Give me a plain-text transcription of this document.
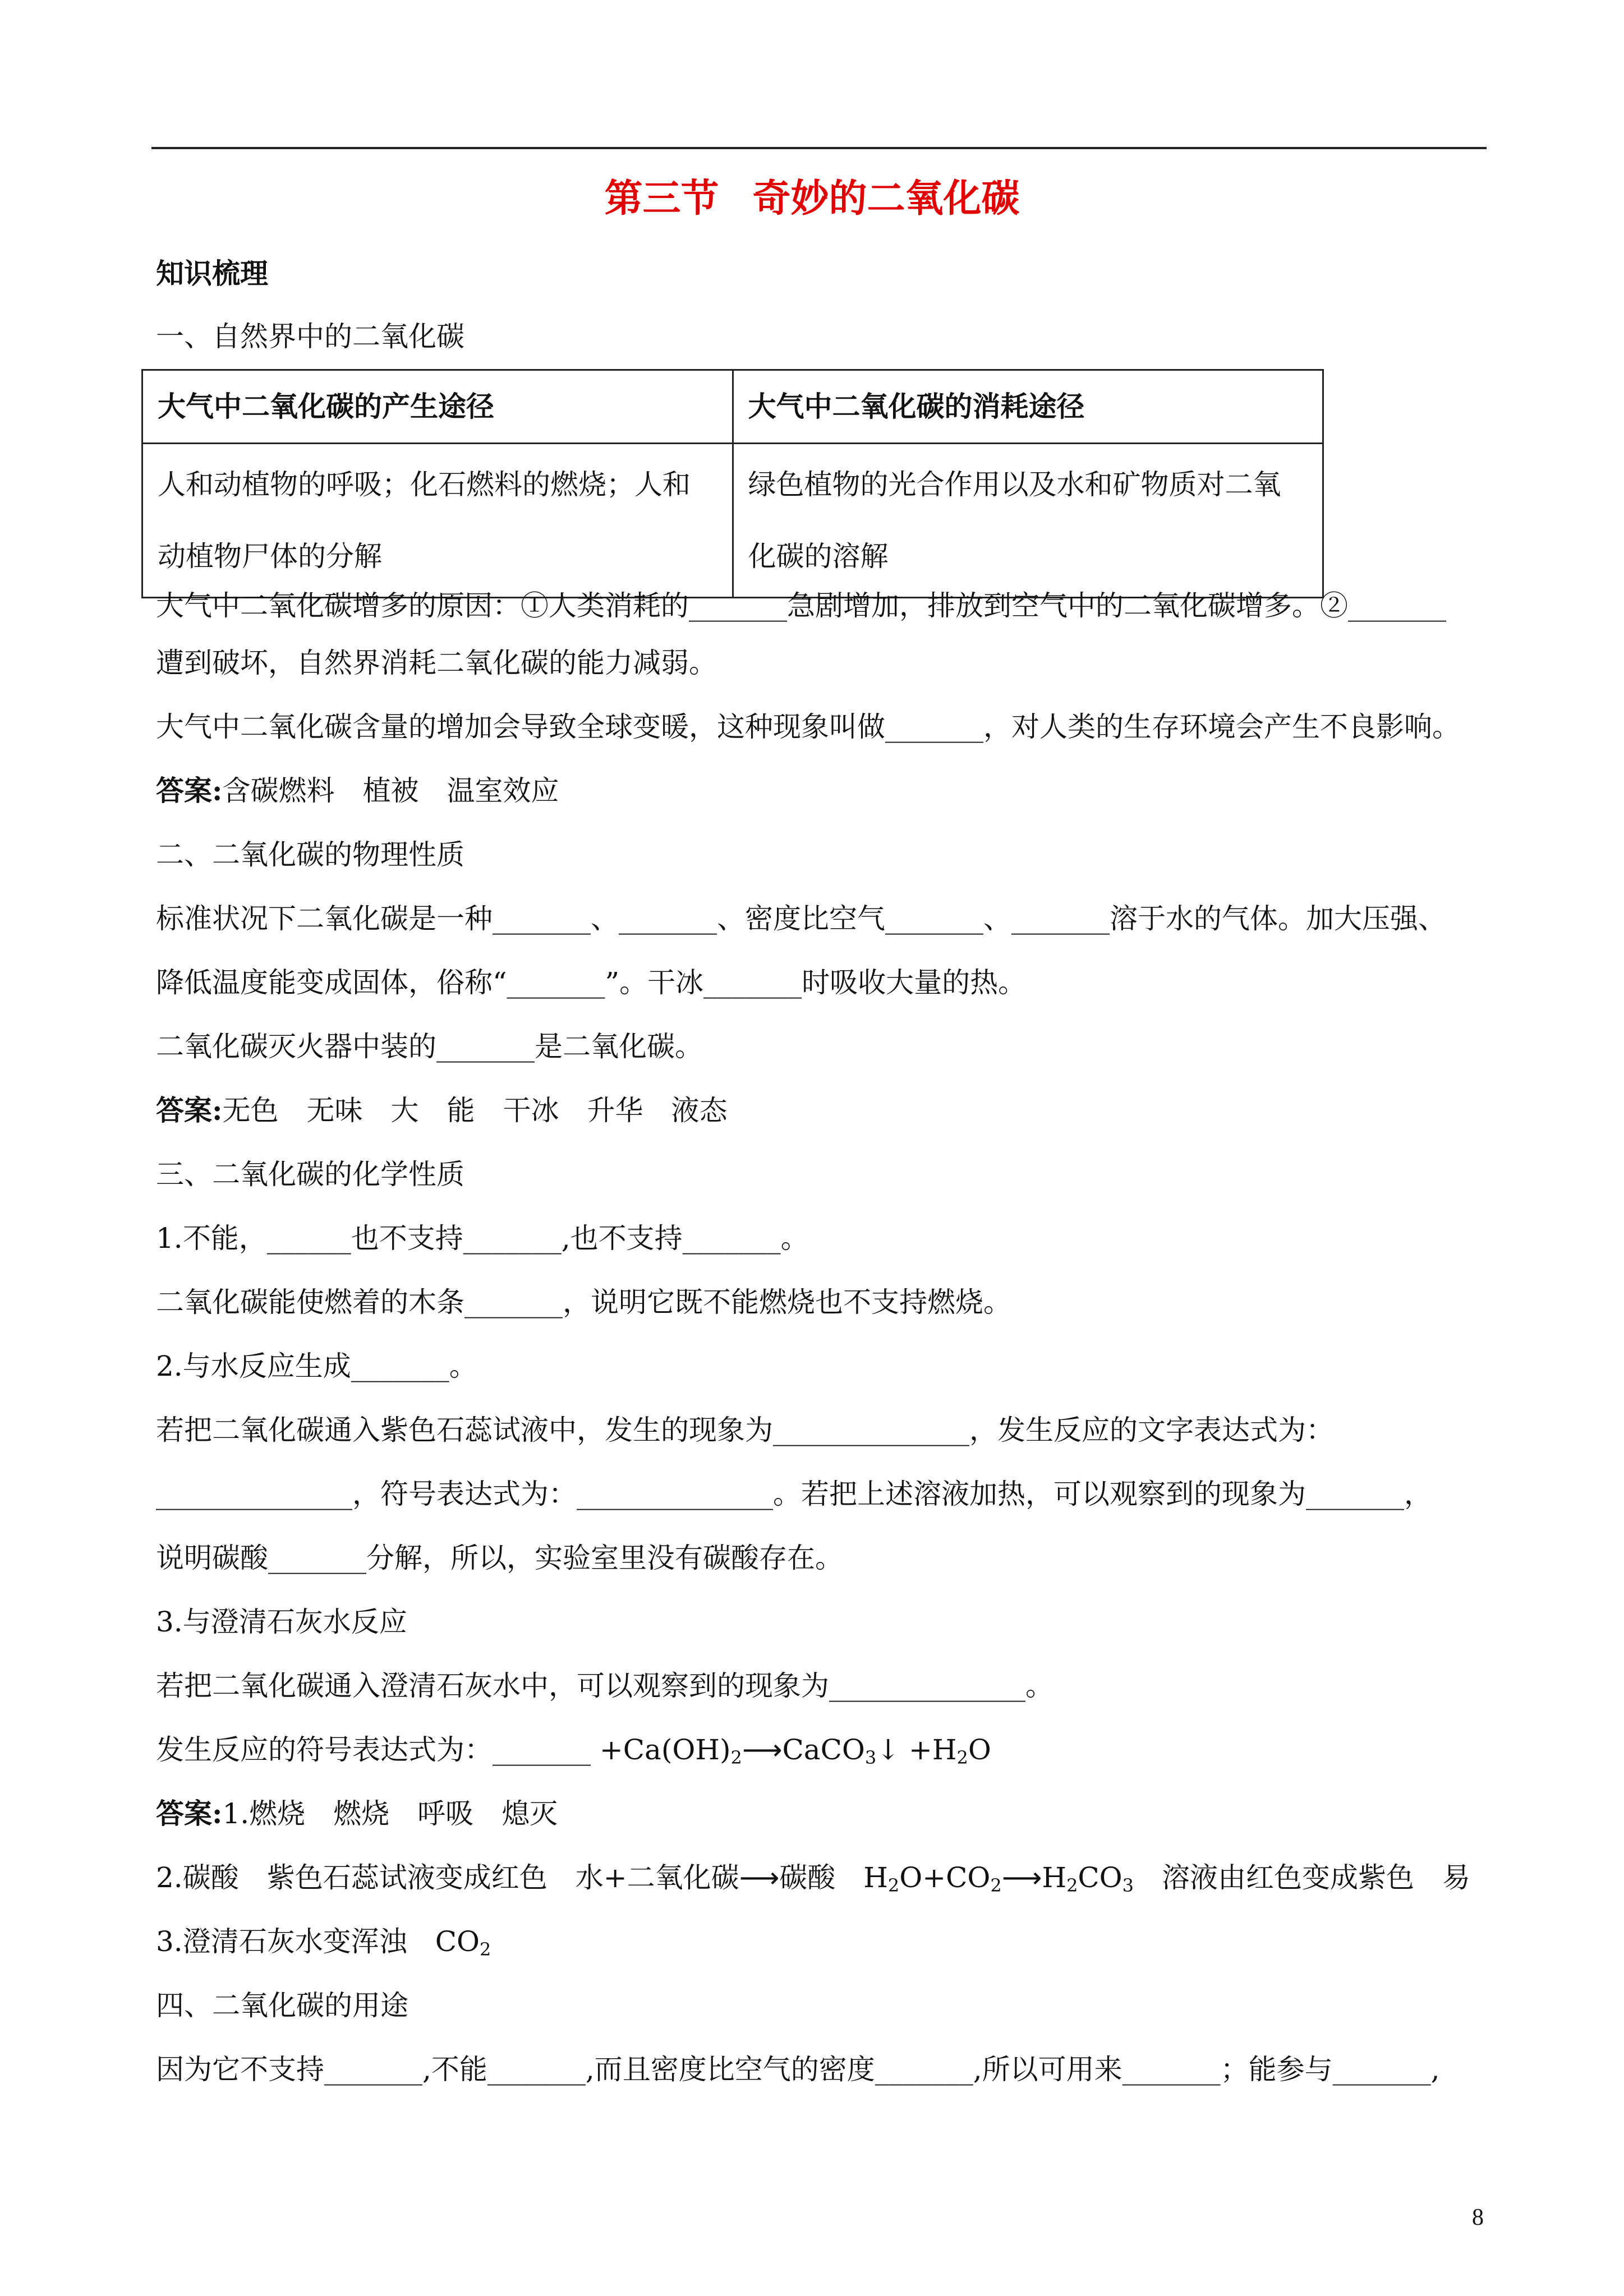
第三节 奇妙的二氧化碳
知识梳理
一、自然界中的二氧化碳
大气中二氧化碳的产生途径	大气中二氧化碳的消耗途径
人和动植物的呼吸；化石燃料的燃烧；人和动植物尸体的分解	绿色植物的光合作用以及水和矿物质对二氧化碳的溶解
大气中二氧化碳增多的原因：①人类消耗的_______急剧增加，排放到空气中的二氧化碳增多。②_______
遭到破坏，自然界消耗二氧化碳的能力减弱。
大气中二氧化碳含量的增加会导致全球变暖，这种现象叫做_______，对人类的生存环境会产生不良影响。
答案:含碳燃料　植被　温室效应
二、二氧化碳的物理性质
标准状况下二氧化碳是一种_______、_______、密度比空气_______、_______溶于水的气体。加大压强、
降低温度能变成固体，俗称“_______”。干冰_______时吸收大量的热。
二氧化碳灭火器中装的_______是二氧化碳。
答案:无色　无味　大　能　干冰　升华　液态
三、二氧化碳的化学性质
1.不能，______也不支持_______,也不支持_______。
二氧化碳能使燃着的木条_______，说明它既不能燃烧也不支持燃烧。
2.与水反应生成_______。
若把二氧化碳通入紫色石蕊试液中，发生的现象为______________，发生反应的文字表达式为：
______________，符号表达式为：______________。若把上述溶液加热，可以观察到的现象为_______，
说明碳酸_______分解，所以，实验室里没有碳酸存在。
3.与澄清石灰水反应
若把二氧化碳通入澄清石灰水中，可以观察到的现象为______________。
发生反应的符号表达式为：_______ $+Ca(OH)_2⟶CaCO_3↓ +H_2O$
答案:1.燃烧　燃烧　呼吸　熄灭
2.碳酸　紫色石蕊试液变成红色　水+二氧化碳⟶碳酸　$H_2O+CO_2⟶H_2CO_3$　溶液由红色变成紫色　易
3.澄清石灰水变浑浊　$CO_2$
四、二氧化碳的用途
因为它不支持_______,不能_______,而且密度比空气的密度_______,所以可用来_______；能参与_______,
8
